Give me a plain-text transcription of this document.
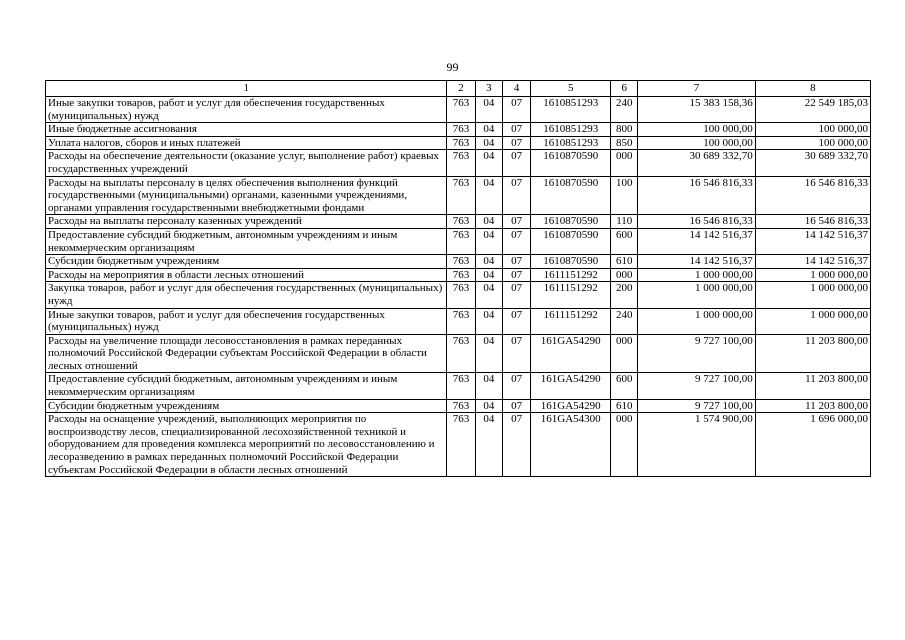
99
1	2	3	4	5	6	7	8
Иные закупки товаров, работ и услуг для обеспечения государственных (муниципальных) нужд	763	04	07	1610851293	240	15 383 158,36	22 549 185,03
Иные бюджетные ассигнования	763	04	07	1610851293	800	100 000,00	100 000,00
Уплата налогов, сборов и иных платежей	763	04	07	1610851293	850	100 000,00	100 000,00
Расходы на обеспечение деятельности (оказание услуг, выполнение работ) краевых государственных учреждений	763	04	07	1610870590	000	30 689 332,70	30 689 332,70
Расходы на выплаты персоналу в целях обеспечения выполнения функций государственными (муниципальными) органами, казенными учреждениями, органами управления государственными внебюджетными фондами	763	04	07	1610870590	100	16 546 816,33	16 546 816,33
Расходы на выплаты персоналу казенных учреждений	763	04	07	1610870590	110	16 546 816,33	16 546 816,33
Предоставление субсидий бюджетным, автономным учреждениям и иным некоммерческим организациям	763	04	07	1610870590	600	14 142 516,37	14 142 516,37
Субсидии бюджетным учреждениям	763	04	07	1610870590	610	14 142 516,37	14 142 516,37
Расходы на мероприятия в области лесных отношений	763	04	07	1611151292	000	1 000 000,00	1 000 000,00
Закупка товаров, работ и услуг для обеспечения государственных (муниципальных) нужд	763	04	07	1611151292	200	1 000 000,00	1 000 000,00
Иные закупки товаров, работ и услуг для обеспечения государственных (муниципальных) нужд	763	04	07	1611151292	240	1 000 000,00	1 000 000,00
Расходы на увеличение площади лесовосстановления в рамках переданных полномочий Российской Федерации субъектам Российской Федерации в области лесных отношений	763	04	07	161GA54290	000	9 727 100,00	11 203 800,00
Предоставление субсидий бюджетным, автономным учреждениям и иным некоммерческим организациям	763	04	07	161GA54290	600	9 727 100,00	11 203 800,00
Субсидии бюджетным учреждениям	763	04	07	161GA54290	610	9 727 100,00	11 203 800,00
Расходы на оснащение учреждений, выполняющих мероприятия по воспроизводству лесов, специализированной лесохозяйственной техникой и оборудованием для проведения комплекса мероприятий по лесовосстановлению и лесоразведению в рамках переданных полномочий Российской Федерации субъектам Российской Федерации в области лесных отношений	763	04	07	161GA54300	000	1 574 900,00	1 696 000,00
